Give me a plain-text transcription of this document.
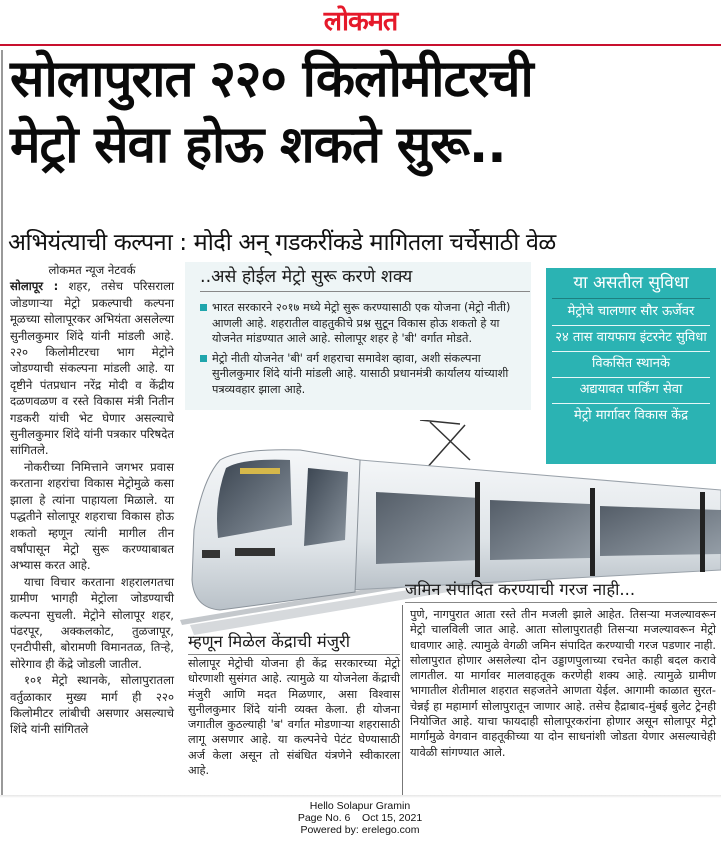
लोकमत
सोलापुरात २२० किलोमीटरची
मेट्रो सेवा होऊ शकते सुरू..
अभियंत्याची कल्पना : मोदी अन् गडकरींकडे मागितला चर्चेसाठी वेळ
लोकमत न्यूज नेटवर्क

सोलापूर : शहर, तसेच परिसराला जोडणाऱ्या मेट्रो प्रकल्पाची कल्पना मूळच्या सोलापूरकर अभियंता असलेल्या सुनीलकुमार शिंदे यांनी मांडली आहे. २२० किलोमीटरचा भाग मेट्रोने जोडण्याची संकल्पना मांडली आहे. या दृष्टीने पंतप्रधान नरेंद्र मोदी व केंद्रीय दळणवळण व रस्ते विकास मंत्री नितीन गडकरी यांची भेट घेणार असल्याचे सुनीलकुमार शिंदे यांनी पत्रकार परिषदेत सांगितले.

नोकरीच्या निमित्ताने जगभर प्रवास करताना शहरांचा विकास मेट्रोमुळे कसा झाला हे त्यांना पाहायला मिळाले. या पद्धतीने सोलापूर शहराचा विकास होऊ शकतो म्हणून त्यांनी मागील तीन वर्षांपासून मेट्रो सुरू करण्याबाबत अभ्यास करत आहे.

याचा विचार करताना शहरालगतचा ग्रामीण भागही मेट्रोला जोडण्याची कल्पना सुचली. मेट्रोने सोलापूर शहर, पंढरपूर, अक्कलकोट, तुळजापूर, एनटीपीसी, बोरामणी विमानतळ, तिऱ्हे, सोरेगाव ही केंद्रे जोडली जातील.

१०१ मेट्रो स्थानके, सोलापुरातला वर्तुळाकार मुख्य मार्ग ही २२० किलोमीटर लांबीची असणार असल्याचे शिंदे यांनी सांगितले

..असे होईल मेट्रो सुरू करणे शक्य
भारत सरकारने २०१७ मध्ये मेट्रो सुरू करण्यासाठी एक योजना (मेट्रो नीती) आणली आहे. शहरातील वाहतुकीचे प्रश्न सुटून विकास होऊ शकतो हे या योजनेत मांडण्यात आले आहे. सोलापूर शहर हे 'बी' वर्गात मोडते.
मेट्रो नीती योजनेत 'बी' वर्ग शहराचा समावेश व्हावा, अशी संकल्पना सुनीलकुमार शिंदे यांनी मांडली आहे. यासाठी प्रधानमंत्री कार्यालय यांच्याशी पत्रव्यवहार झाला आहे.
या असतील सुविधा
मेट्रोचे चालणार सौर ऊर्जेवर
२४ तास वायफाय इंटरनेट सुविधा
विकसित स्थानके
अद्ययावत पार्किंग सेवा
मेट्रो मार्गावर विकास केंद्र
जमिन संपादित करण्याची गरज नाही...
पुणे, नागपुरात आता रस्ते तीन मजली झाले आहेत. तिसऱ्या मजल्यावरून मेट्रो चालविली जात आहे. आता सोलापुरातही तिसऱ्या मजल्यावरून मेट्रो धावणार आहे. त्यामुळे वेगळी जमिन संपादित करण्याची गरज पडणार नाही. सोलापुरात होणार असलेल्या दोन उड्डाणपुलाच्या रचनेत काही बदल करावे लागतील. या मार्गावर मालवाहतूक करणेही शक्य आहे. त्यामुळे ग्रामीण भागातील शेतीमाल शहरात सहजतेने आणता येईल. आगामी काळात सुरत-चेन्नई हा महामार्ग सोलापुरातून जाणार आहे. तसेच हैद्राबाद-मुंबई बुलेट ट्रेनही नियोजित आहे. याचा फायदाही सोलापूरकरांना होणार असून सोलापूर मेट्रो मार्गामुळे वेगवान वाहतूकीच्या या दोन साधनांशी जोडता येणार असल्याचेही यावेळी सांगण्यात आले.
म्हणून मिळेल केंद्राची मंजुरी
सोलापूर मेट्रोची योजना ही केंद्र सरकारच्या मेट्रो धोरणाशी सुसंगत आहे. त्यामुळे या योजनेला केंद्राची मंजुरी आणि मदत मिळणार, असा विश्वास सुनीलकुमार शिंदे यांनी व्यक्त केला. ही योजना जगातील कुठल्याही 'ब' वर्गात मोडणाऱ्या शहरासाठी लागू असणार आहे. या कल्पनेचे पेटंट घेण्यासाठी अर्ज केला असून तो संबंधित यंत्रणेने स्वीकारला आहे.
Hello Solapur Gramin
Page No. 6 Oct 15, 2021
Powered by: erelego.com
